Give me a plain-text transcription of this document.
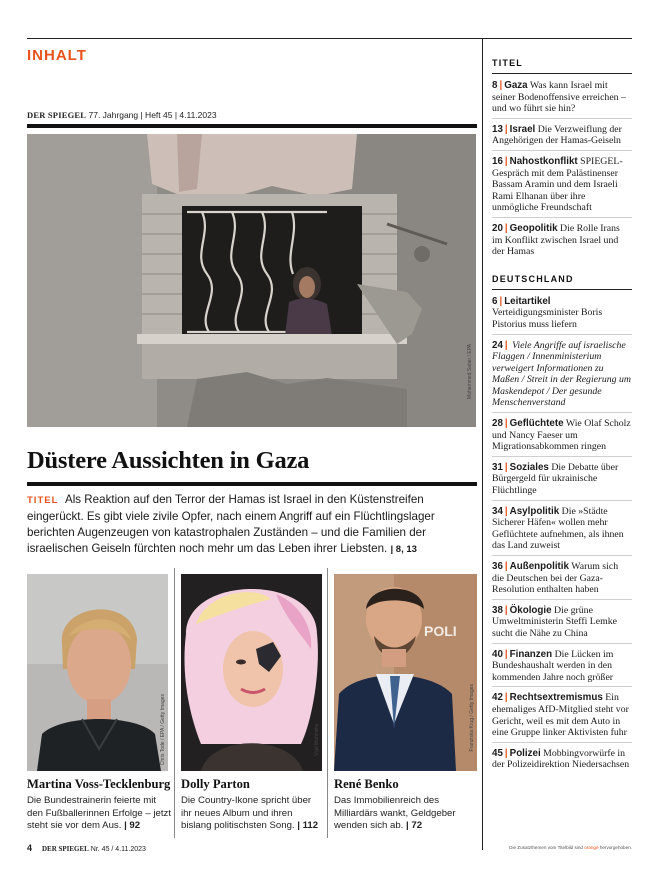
INHALT
DER SPIEGEL 77. Jahrgang | Heft 45 | 4.11.2023
Mohammed Saber / EPA
Düstere Aussichten in Gaza
TITEL Als Reaktion auf den Terror der Hamas ist Israel in den Küstenstreifen eingerückt. Es gibt viele zivile Opfer, nach einem Angriff auf ein Flüchtlingslager berichten Augenzeugen von katastrophalen Zuständen – und die Familien der israelischen Geiseln fürchten noch mehr um das Leben ihrer Liebsten. | 8, 13
Chris Tode / EPA / Getty Images	Vijat Mohindra
POLI
Franziska Krug / Getty Images
Martina Voss-Tecklenburg
Die Bundestrainerin feierte mit den Fußballerinnen Erfolge – jetzt steht sie vor dem Aus. | 92
Dolly Parton
Die Country-Ikone spricht über ihr neues Album und ihren bislang politischsten Song. | 112
René Benko
Das Immobilienreich des Milliardärs wankt, Geldgeber wenden sich ab. | 72
TITEL
8 | Gaza Was kann Israel mit seiner Bodenoffensive erreichen – und wo führt sie hin?
13 | Israel Die Verzweiflung der Angehörigen der Hamas-Geiseln
16 | Nahostkonflikt SPIEGEL-Gespräch mit dem Palästinenser Bassam Aramin und dem Israeli Rami Elhanan über ihre unmögliche Freundschaft
20 | Geopolitik Die Rolle Irans im Konflikt zwischen Israel und der Hamas
DEUTSCHLAND
6 | Leitartikel Verteidigungsminister Boris Pistorius muss liefern
24 | Viele Angriffe auf israelische Flaggen / Innenministerium verweigert Informationen zu Maßen / Streit in der Regierung um Maskendepot / Der gesunde Menschenverstand
28 | Geflüchtete Wie Olaf Scholz und Nancy Faeser um Migrationsabkommen ringen
31 | Soziales Die Debatte über Bürgergeld für ukrainische Flüchtlinge
34 | Asylpolitik Die »Städte Sicherer Häfen« wollen mehr Geflüchtete aufnehmen, als ihnen das Land zuweist
36 | Außenpolitik Warum sich die Deutschen bei der Gaza-Resolution enthalten haben
38 | Ökologie Die grüne Umweltministerin Steffi Lemke sucht die Nähe zu China
40 | Finanzen Die Lücken im Bundeshaushalt werden in den kommenden Jahre noch größer
42 | Rechtsextremismus Ein ehemaliges AfD-Mitglied steht vor Gericht, weil es mit dem Auto in eine Gruppe linker Aktivisten fuhr
45 | Polizei Mobbingvorwürfe in der Polizeidirektion Niedersachsen
4 DER SPIEGEL Nr. 45 / 4.11.2023	Die Zusatzthemen vom Titelbild sind orange hervorgehoben.
